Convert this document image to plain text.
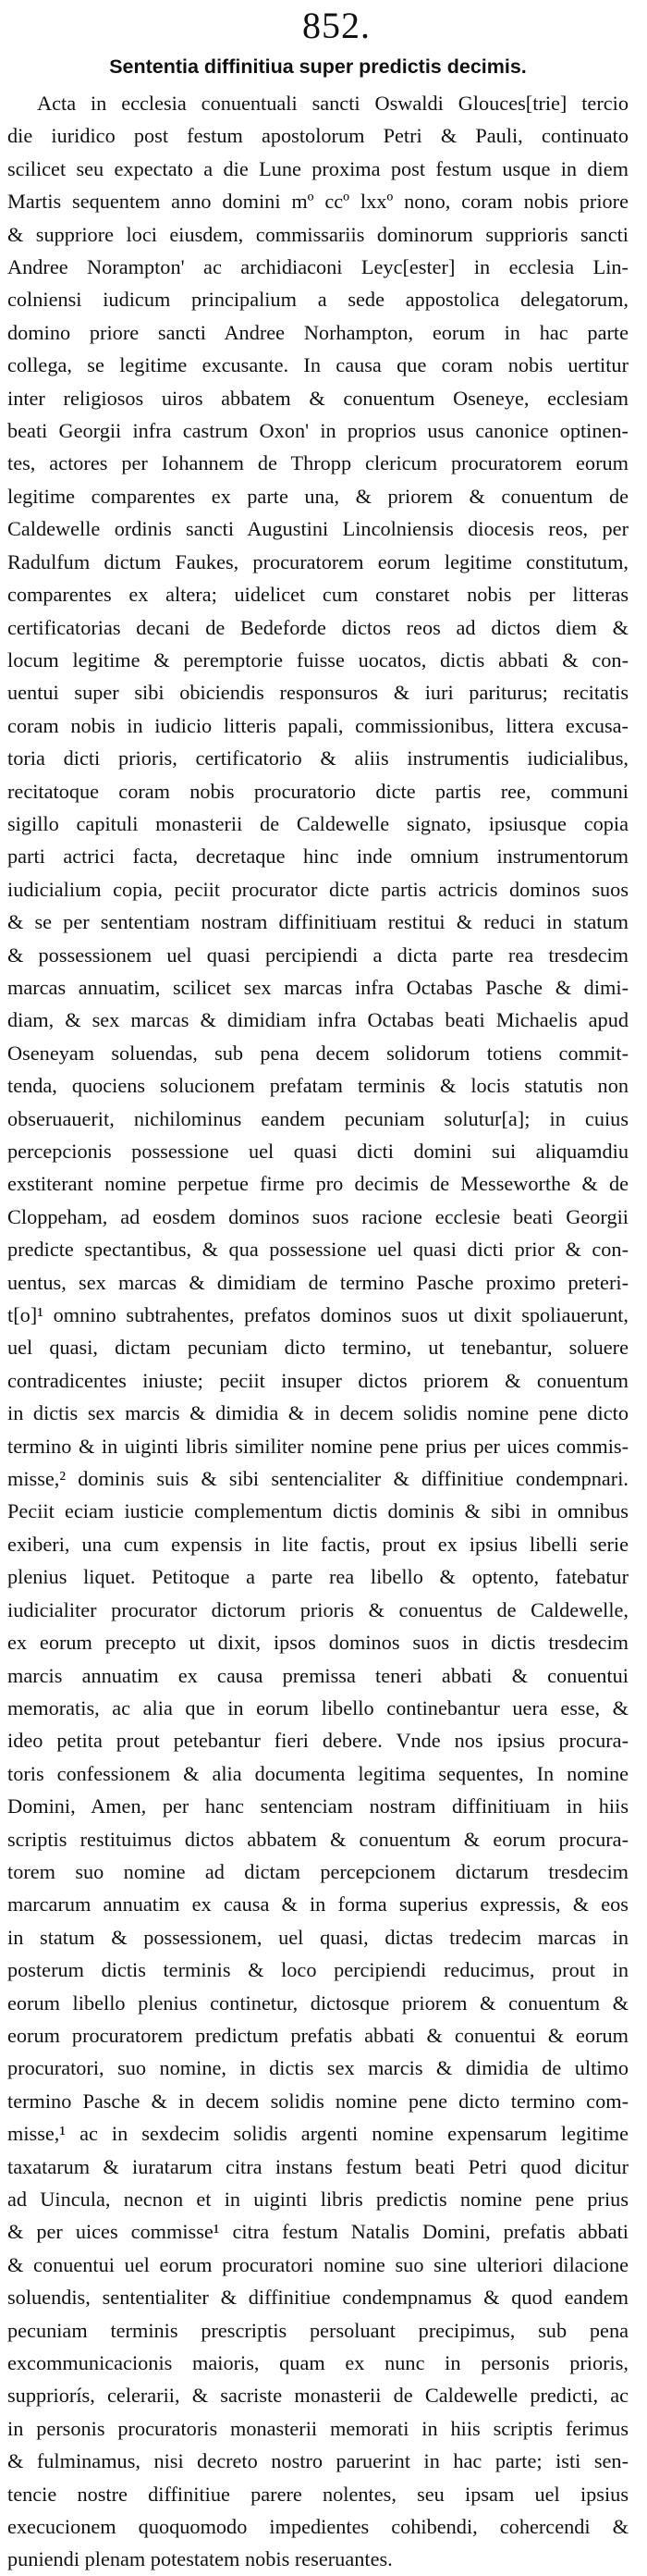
852.
Sententia diffinitiua super predictis decimis.
Acta in ecclesia conuentuali sancti Oswaldi Glouces[trie] tercio
die iuridico post festum apostolorum Petri & Pauli, continuato
scilicet seu expectato a die Lune proxima post festum usque in diem
Martis sequentem anno domini mº ccº lxxº nono, coram nobis priore
& suppriore loci eiusdem, commissariis dominorum supprioris sancti
Andree Norampton' ac archidiaconi Leyc[ester] in ecclesia Lin-
colniensi iudicum principalium a sede appostolica delegatorum,
domino priore sancti Andree Norhampton, eorum in hac parte
collega, se legitime excusante. In causa que coram nobis uertitur
inter religiosos uiros abbatem & conuentum Oseneye, ecclesiam
beati Georgii infra castrum Oxon' in proprios usus canonice optinen-
tes, actores per Iohannem de Thropp clericum procuratorem eorum
legitime comparentes ex parte una, & priorem & conuentum de
Caldewelle ordinis sancti Augustini Lincolniensis diocesis reos, per
Radulfum dictum Faukes, procuratorem eorum legitime constitutum,
comparentes ex altera; uidelicet cum constaret nobis per litteras
certificatorias decani de Bedeforde dictos reos ad dictos diem &
locum legitime & peremptorie fuisse uocatos, dictis abbati & con-
uentui super sibi obiciendis responsuros & iuri pariturus; recitatis
coram nobis in iudicio litteris papali, commissionibus, littera excusa-
toria dicti prioris, certificatorio & aliis instrumentis iudicialibus,
recitatoque coram nobis procuratorio dicte partis ree, communi
sigillo capituli monasterii de Caldewelle signato, ipsiusque copia
parti actrici facta, decretaque hinc inde omnium instrumentorum
iudicialium copia, peciit procurator dicte partis actricis dominos suos
& se per sententiam nostram diffinitiuam restitui & reduci in statum
& possessionem uel quasi percipiendi a dicta parte rea tresdecim
marcas annuatim, scilicet sex marcas infra Octabas Pasche & dimi-
diam, & sex marcas & dimidiam infra Octabas beati Michaelis apud
Oseneyam soluendas, sub pena decem solidorum totiens commit-
tenda, quociens solucionem prefatam terminis & locis statutis non
obseruauerit, nichilominus eandem pecuniam solutur[a]; in cuius
percepcionis possessione uel quasi dicti domini sui aliquamdiu
exstiterant nomine perpetue firme pro decimis de Messeworthe & de
Cloppeham, ad eosdem dominos suos racione ecclesie beati Georgii
predicte spectantibus, & qua possessione uel quasi dicti prior & con-
uentus, sex marcas & dimidiam de termino Pasche proximo preteri-
t[o]¹ omnino subtrahentes, prefatos dominos suos ut dixit spoliauerunt,
uel quasi, dictam pecuniam dicto termino, ut tenebantur, soluere
contradicentes iniuste; peciit insuper dictos priorem & conuentum
in dictis sex marcis & dimidia & in decem solidis nomine pene dicto
termino & in uiginti libris similiter nomine pene prius per uices commis-
misse,² dominis suis & sibi sentencialiter & diffinitiue condempnari.
Peciit eciam iusticie complementum dictis dominis & sibi in omnibus
exiberi, una cum expensis in lite factis, prout ex ipsius libelli serie
plenius liquet. Petitoque a parte rea libello & optento, fatebatur
iudicialiter procurator dictorum prioris & conuentus de Caldewelle,
ex eorum precepto ut dixit, ipsos dominos suos in dictis tresdecim
marcis annuatim ex causa premissa teneri abbati & conuentui
memoratis, ac alia que in eorum libello continebantur uera esse, &
ideo petita prout petebantur fieri debere. Vnde nos ipsius procura-
toris confessionem & alia documenta legitima sequentes, In nomine
Domini, Amen, per hanc sentenciam nostram diffinitiuam in hiis
scriptis restituimus dictos abbatem & conuentum & eorum procura-
torem suo nomine ad dictam percepcionem dictarum tresdecim
marcarum annuatim ex causa & in forma superius expressis, & eos
in statum & possessionem, uel quasi, dictas tredecim marcas in
posterum dictis terminis & loco percipiendi reducimus, prout in
eorum libello plenius continetur, dictosque priorem & conuentum &
eorum procuratorem predictum prefatis abbati & conuentui & eorum
procuratori, suo nomine, in dictis sex marcis & dimidia de ultimo
termino Pasche & in decem solidis nomine pene dicto termino com-
misse,¹ ac in sexdecim solidis argenti nomine expensarum legitime
taxatarum & iuratarum citra instans festum beati Petri quod dicitur
ad Uincula, necnon et in uiginti libris predictis nomine pene prius
& per uices commisse¹ citra festum Natalis Domini, prefatis abbati
& conuentui uel eorum procuratori nomine suo sine ulteriori dilacione
soluendis, sententialiter & diffinitiue condempnamus & quod eandem
pecuniam terminis prescriptis persoluant precipimus, sub pena
excommunicacionis maioris, quam ex nunc in personis prioris,
suppriorís, celerarii, & sacriste monasterii de Caldewelle predicti, ac
in personis procuratoris monasterii memorati in hiis scriptis ferimus
& fulminamus, nisi decreto nostro paruerint in hac parte; isti sen-
tencie nostre diffinitiue parere nolentes, seu ipsam uel ipsius
execucionem quoquomodo impedientes cohibendi, cohercendi &
puniendi plenam potestatem nobis reseruantes.
